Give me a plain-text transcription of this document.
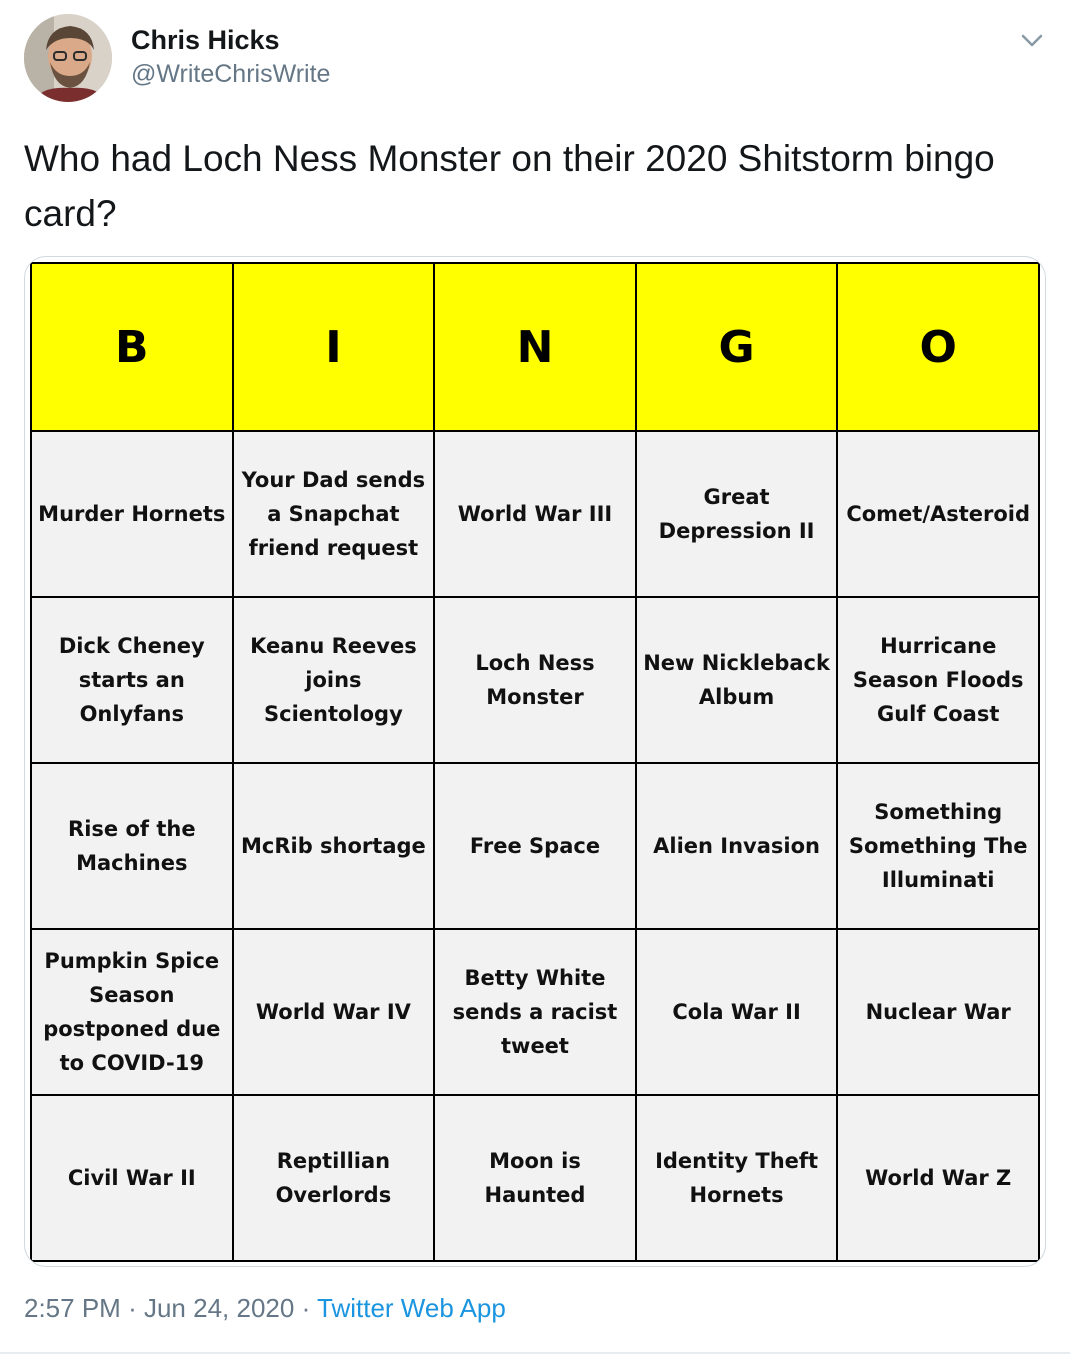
Chris Hicks
@WriteChrisWrite
Who had Loch Ness Monster on their 2020 Shitstorm bingo card?
B	I	N	G	O
Murder Hornets	Your Dad sends a Snapchat friend request	World War III	Great Depression II	Comet/Asteroid
Dick Cheney starts an Onlyfans	Keanu Reeves joins Scientology	Loch Ness Monster	New Nickleback Album	Hurricane Season Floods Gulf Coast
Rise of the Machines	McRib shortage	Free Space	Alien Invasion	Something Something The Illuminati
Pumpkin Spice Season postponed due to COVID-19	World War IV	Betty White sends a racist tweet	Cola War II	Nuclear War
Civil War II	Reptillian Overlords	Moon is Haunted	Identity Theft Hornets	World War Z
2:57 PM · Jun 24, 2020 · Twitter Web App
